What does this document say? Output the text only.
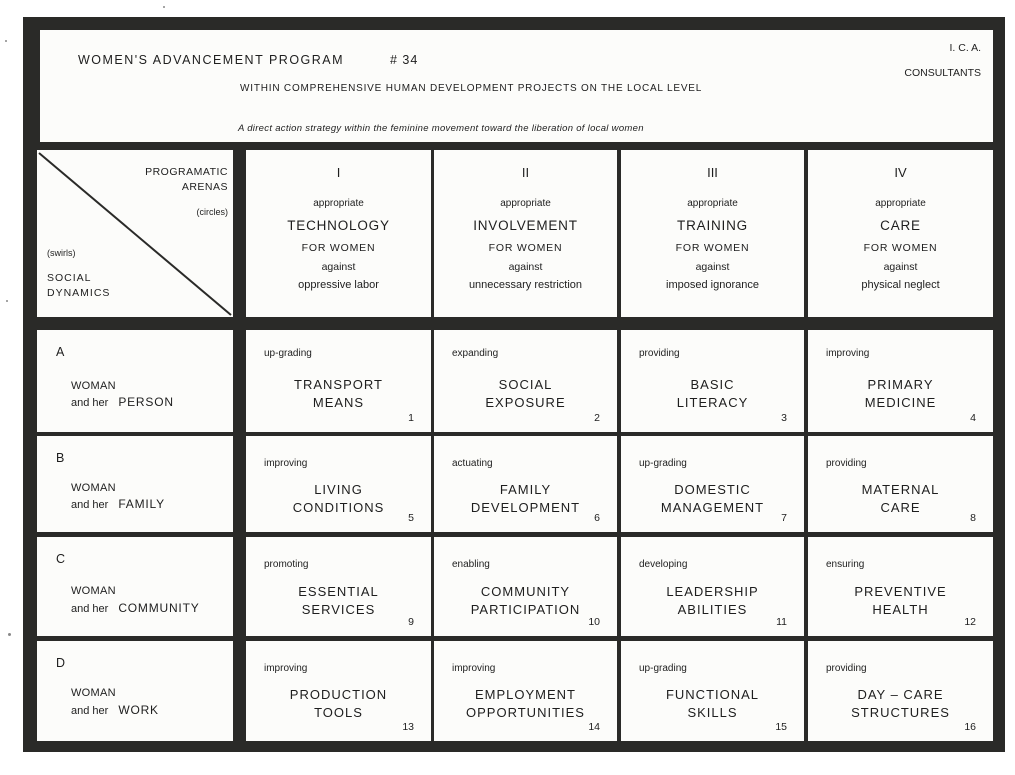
WOMEN'S ADVANCEMENT PROGRAM	# 34
WITHIN COMPREHENSIVE HUMAN DEVELOPMENT PROJECTS ON THE LOCAL LEVEL
A direct action strategy within the feminine movement toward the liberation of local women
I. C. A.
CONSULTANTS
PROGRAMATIC
ARENAS
(circles)
(swirls)
SOCIAL
DYNAMICS
I
appropriate
TECHNOLOGY
FOR WOMEN
against
oppressive labor
II
appropriate
INVOLVEMENT
FOR WOMEN
against
unnecessary restriction
III
appropriate
TRAINING
FOR WOMEN
against
imposed ignorance
IV
appropriate
CARE
FOR WOMEN
against
physical neglect
A
WOMAN
and her PERSON
up-grading
TRANSPORT
MEANS
1
expanding
SOCIAL
EXPOSURE
2
providing
BASIC
LITERACY
3
improving
PRIMARY
MEDICINE
4
B
WOMAN
and her FAMILY
improving
LIVING
CONDITIONS
5
actuating
FAMILY
DEVELOPMENT
6
up-grading
DOMESTIC
MANAGEMENT
7
providing
MATERNAL
CARE
8
C
WOMAN
and her COMMUNITY
promoting
ESSENTIAL
SERVICES
9
enabling
COMMUNITY
PARTICIPATION
10
developing
LEADERSHIP
ABILITIES
11
ensuring
PREVENTIVE
HEALTH
12
D
WOMAN
and her WORK
improving
PRODUCTION
TOOLS
13
improving
EMPLOYMENT
OPPORTUNITIES
14
up-grading
FUNCTIONAL
SKILLS
15
providing
DAY – CARE
STRUCTURES
16
